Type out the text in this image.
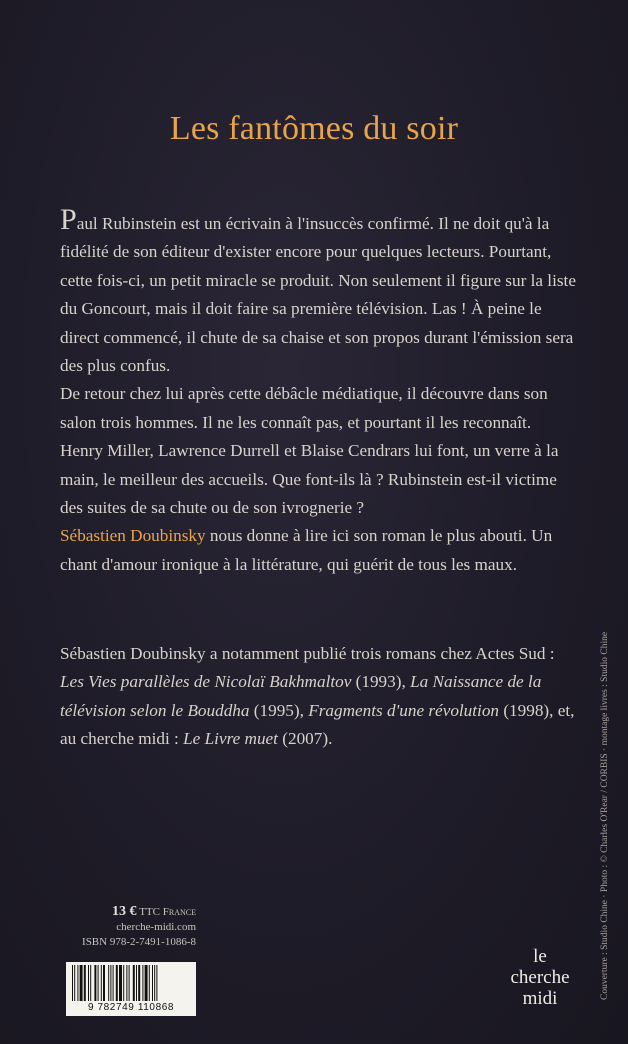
Les fantômes du soir

Paul Rubinstein est un écrivain à l'insuccès confirmé. Il ne doit qu'à la fidélité de son éditeur d'exister encore pour quelques lecteurs. Pourtant, cette fois-ci, un petit miracle se produit. Non seulement il figure sur la liste du Goncourt, mais il doit faire sa première télévision. Las ! À peine le direct commencé, il chute de sa chaise et son propos durant l'émission sera des plus confus.

De retour chez lui après cette débâcle médiatique, il découvre dans son salon trois hommes. Il ne les connaît pas, et pourtant il les reconnaît. Henry Miller, Lawrence Durrell et Blaise Cendrars lui font, un verre à la main, le meilleur des accueils. Que font-ils là ? Rubinstein est-il victime des suites de sa chute ou de son ivrognerie ?

Sébastien Doubinsky nous donne à lire ici son roman le plus abouti. Un chant d'amour ironique à la littérature, qui guérit de tous les maux.

Sébastien Doubinsky a notamment publié trois romans chez Actes Sud : Les Vies parallèles de Nicolaï Bakhmaltov (1993), La Naissance de la télévision selon le Bouddha (1995), Fragments d'une révolution (1998), et, au cherche midi : Le Livre muet (2007).	Couverture : Studio Chine · Photo : © Charles O'Rear / CORBIS · montage livres : Studio Chine
13 € TTC France
cherche-midi.com
ISBN 978-2-7491-1086-8
9 782749 110868
le
cherche
midi
